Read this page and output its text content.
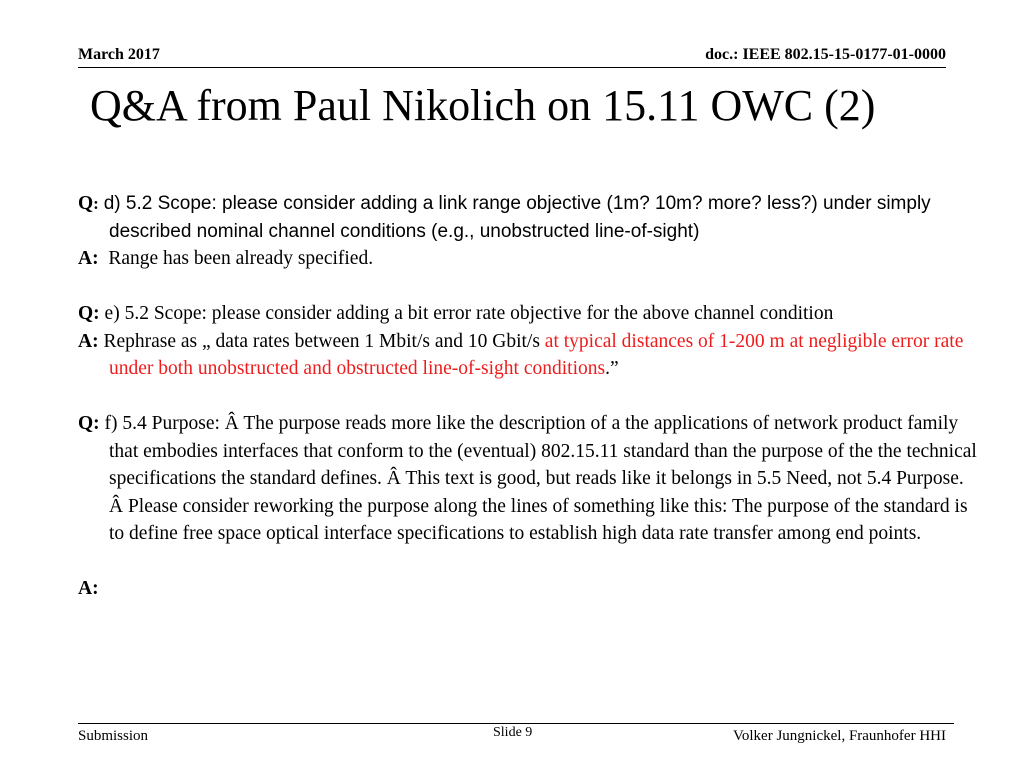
March 2017	doc.: IEEE 802.15-15-0177-01-0000
Q&A from Paul Nikolich on 15.11 OWC (2)

Q: d) 5.2 Scope: please consider adding a link range objective (1m? 10m? more? less?) under simply described nominal channel conditions (e.g., unobstructed line-of-sight)

A: Range has been already specified.

Q: e) 5.2 Scope: please consider adding a bit error rate objective for the above channel condition

A: Rephrase as „ data rates between 1 Mbit/s and 10 Gbit/s at typical distances of 1-200 m at negligible error rate under both unobstructed and obstructed line-of-sight conditions.”

Q: f) 5.4 Purpose: Â The purpose reads more like the description of a the applications of network product family that embodies interfaces that conform to the (eventual) 802.15.11 standard than the purpose of the the technical specifications the standard defines. Â This text is good, but reads like it belongs in 5.5 Need, not 5.4 Purpose. Â Please consider reworking the purpose along the lines of something like this: The purpose of the standard is to define free space optical interface specifications to establish high data rate transfer among end points.

A:

Submission	Slide 9	Volker Jungnickel, Fraunhofer HHI
